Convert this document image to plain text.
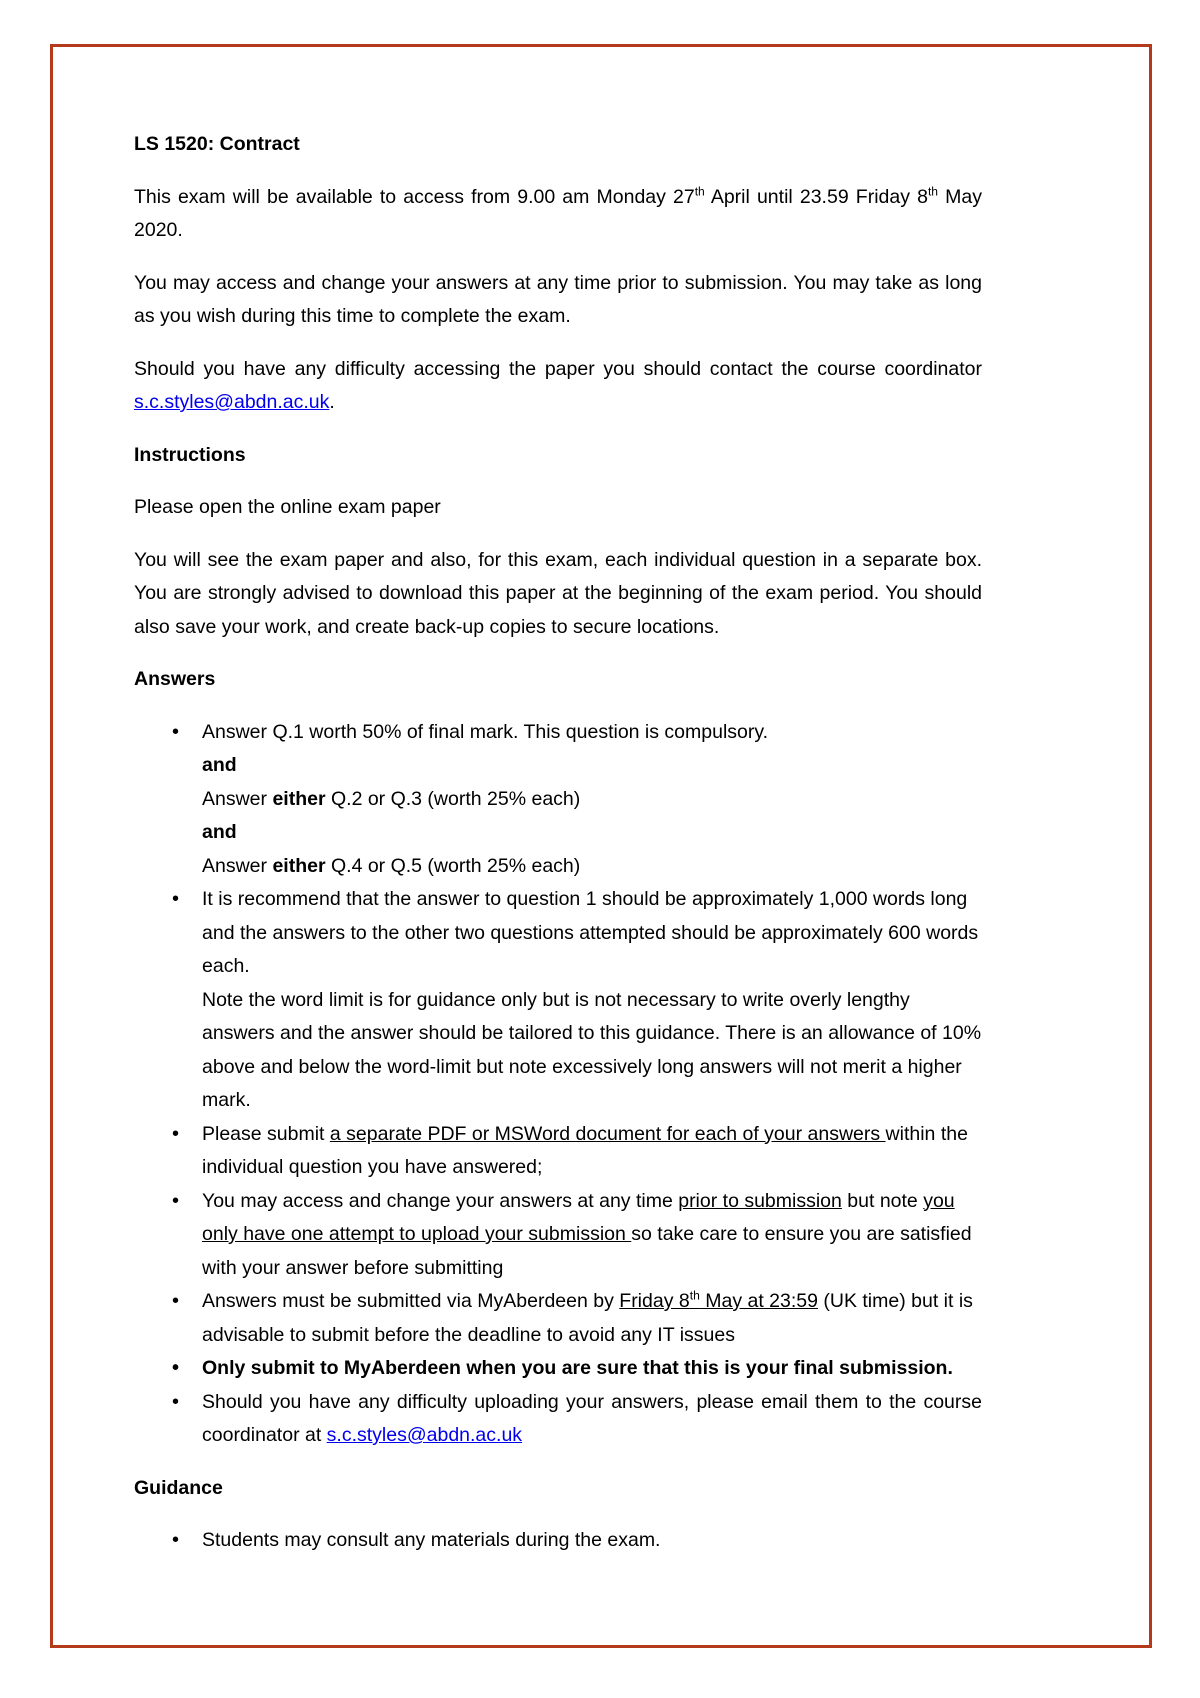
LS 1520: Contract

This exam will be available to access from 9.00 am Monday 27th April until 23.59 Friday 8th May 2020.

You may access and change your answers at any time prior to submission. You may take as long as you wish during this time to complete the exam.

Should you have any difficulty accessing the paper you should contact the course coordinator s.c.styles@abdn.ac.uk.

Instructions

Please open the online exam paper

You will see the exam paper and also, for this exam, each individual question in a separate box. You are strongly advised to download this paper at the beginning of the exam period. You should also save your work, and create back-up copies to secure locations.

Answers
• Answer Q.1 worth 50% of final mark. This question is compulsory.
and
Answer either Q.2 or Q.3 (worth 25% each)
and
Answer either Q.4 or Q.5 (worth 25% each)
• It is recommend that the answer to question 1 should be approximately 1,000 words long and the answers to the other two questions attempted should be approximately 600 words each.
Note the word limit is for guidance only but is not necessary to write overly lengthy answers and the answer should be tailored to this guidance. There is an allowance of 10% above and below the word-limit but note excessively long answers will not merit a higher mark.
• Please submit a separate PDF or MSWord document for each of your answers within the individual question you have answered;
• You may access and change your answers at any time prior to submission but note you only have one attempt to upload your submission so take care to ensure you are satisfied with your answer before submitting
• Answers must be submitted via MyAberdeen by Friday 8th May at 23:59 (UK time) but it is advisable to submit before the deadline to avoid any IT issues
• Only submit to MyAberdeen when you are sure that this is your final submission.
• Should you have any difficulty uploading your answers, please email them to the course coordinator at s.c.styles@abdn.ac.uk
Guidance
• Students may consult any materials during the exam.
